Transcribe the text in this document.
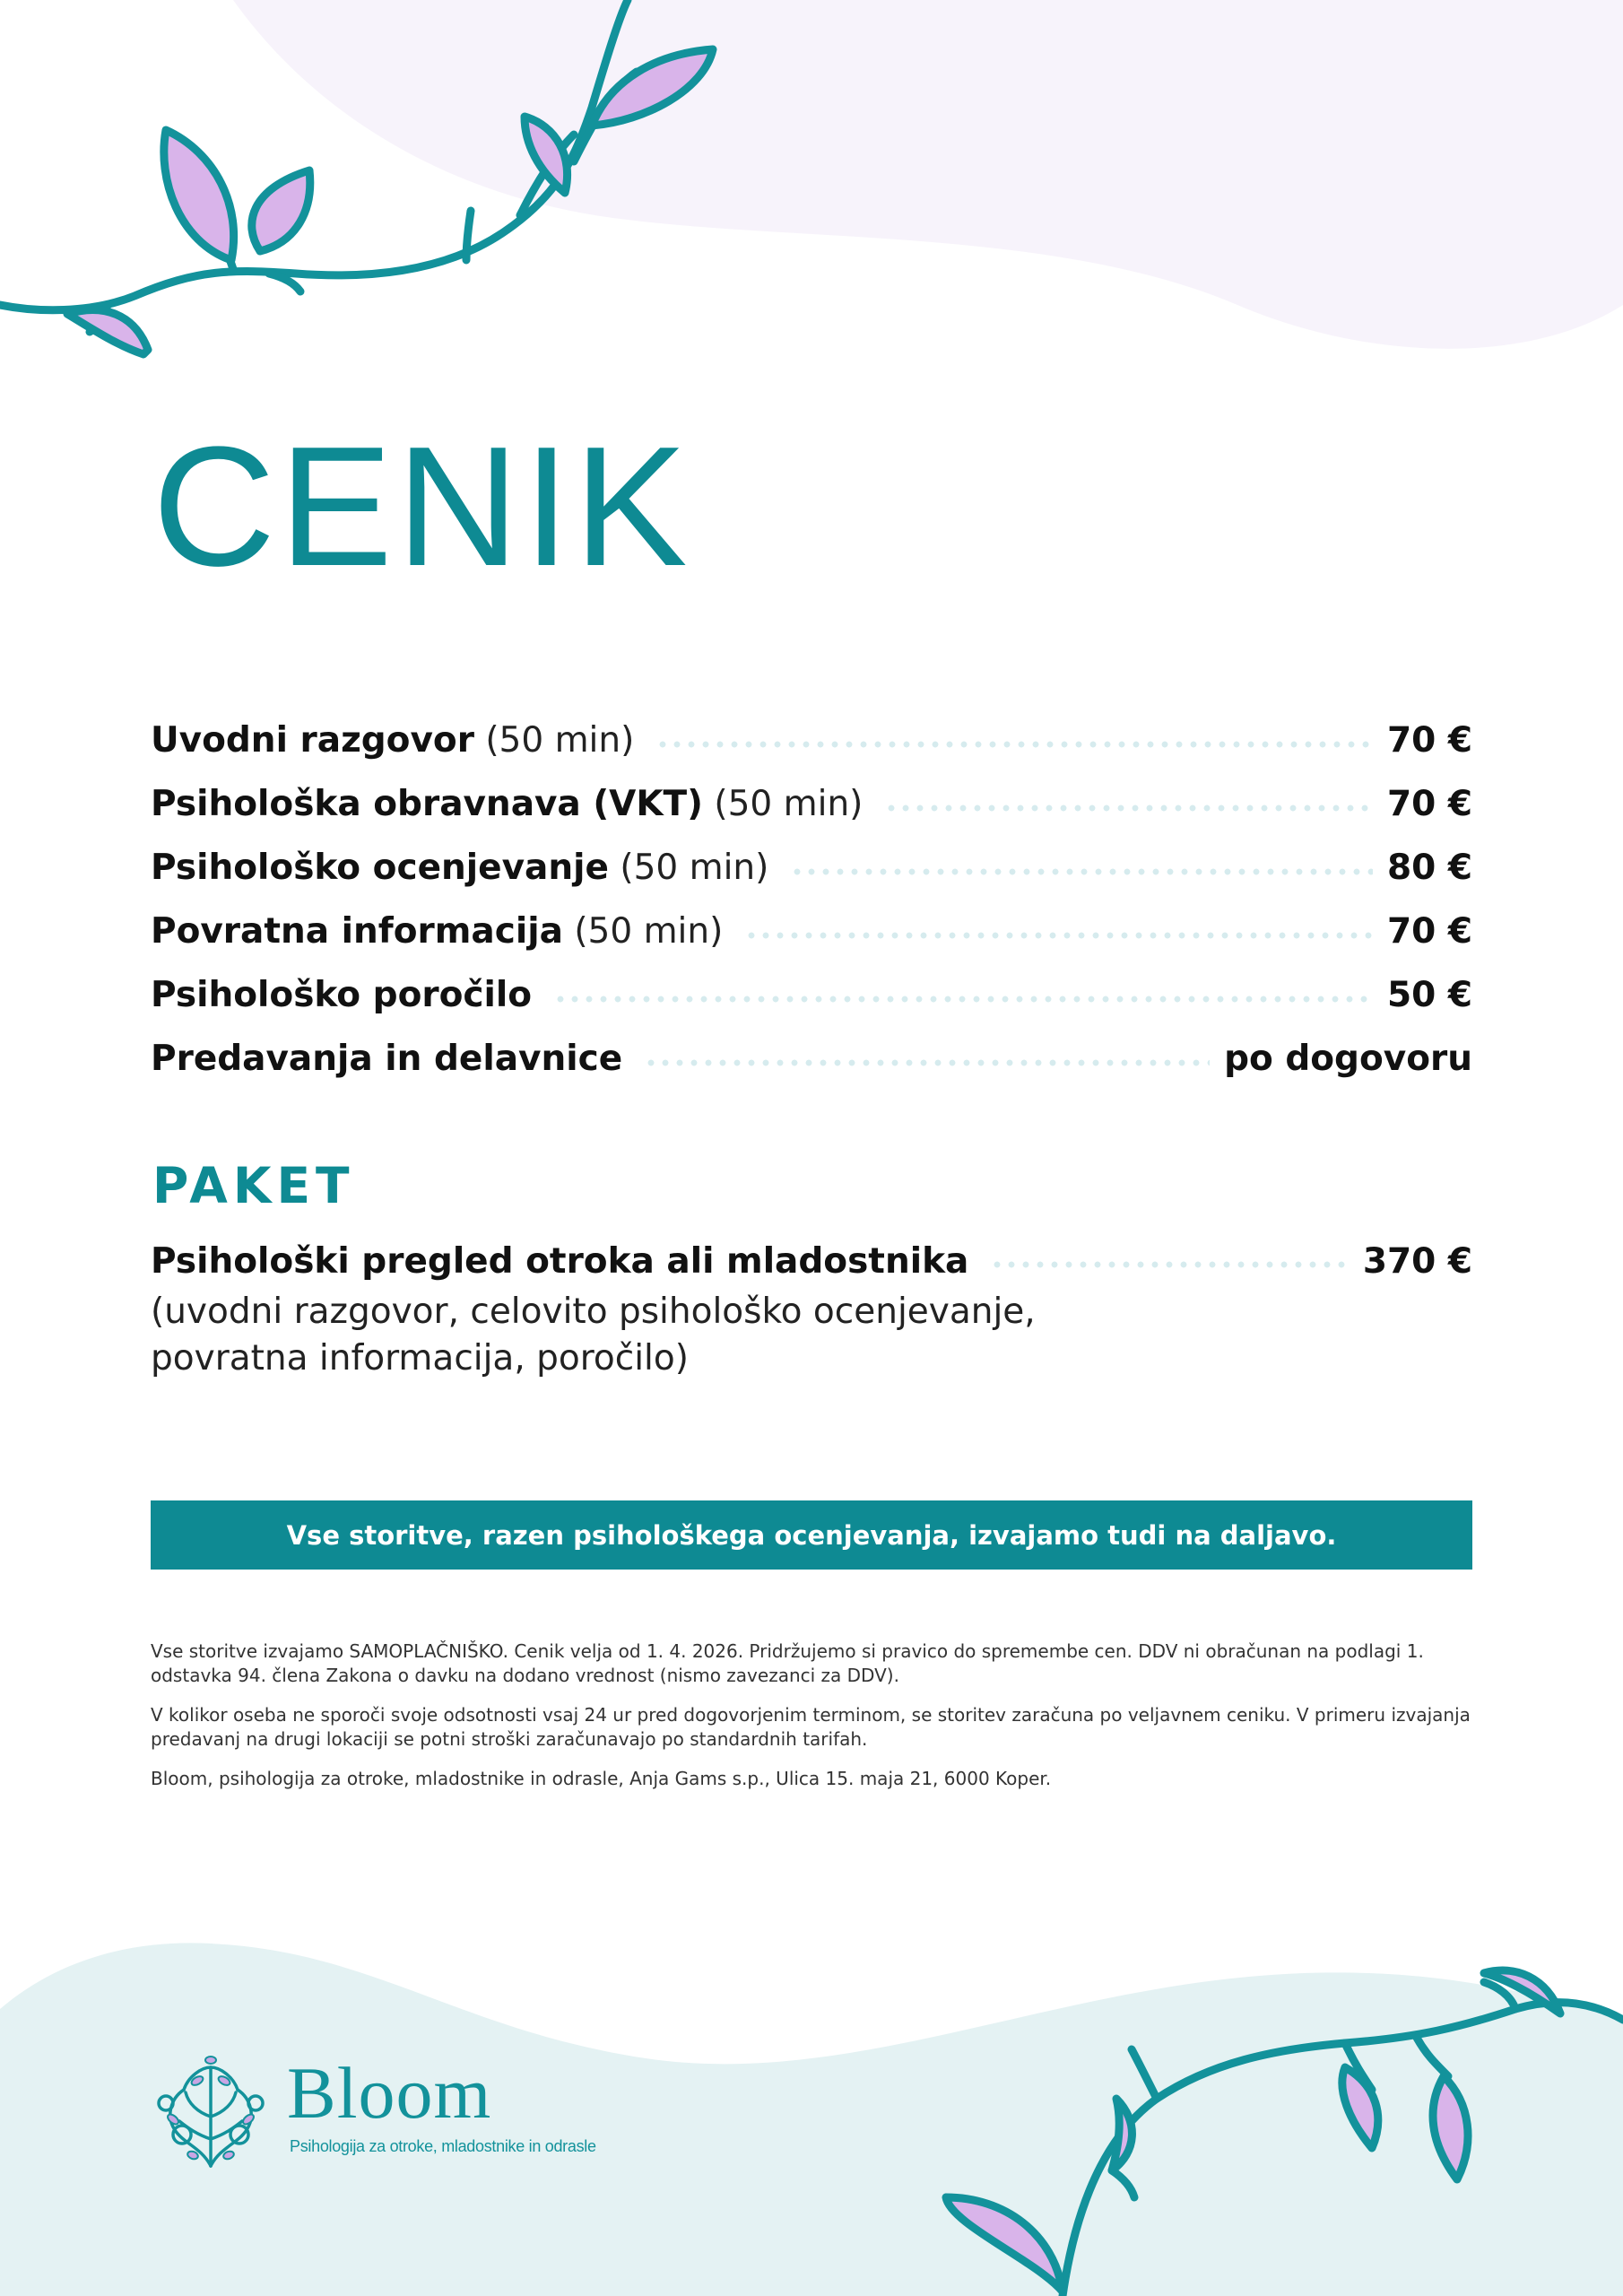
CENIK
Uvodni razgovor (50 min)	70 €
Psihološka obravnava (VKT) (50 min)	70 €
Psihološko ocenjevanje (50 min)	80 €
Povratna informacija (50 min)	70 €
Psihološko poročilo	50 €
Predavanja in delavnice	po dogovoru
PAKET
Psihološki pregled otroka ali mladostnika	370 €
(uvodni razgovor, celovito psihološko ocenjevanje,
povratna informacija, poročilo)
Vse storitve, razen psihološkega ocenjevanja, izvajamo tudi na daljavo.

Vse storitve izvajamo SAMOPLAČNIŠKO. Cenik velja od 1. 4. 2026. Pridržujemo si pravico do spremembe cen. DDV ni obračunan na podlagi 1. odstavka 94. člena Zakona o davku na dodano vrednost (nismo zavezanci za DDV).

V kolikor oseba ne sporoči svoje odsotnosti vsaj 24 ur pred dogovorjenim terminom, se storitev zaračuna po veljavnem ceniku. V primeru izvajanja predavanj na drugi lokaciji se potni stroški zaračunavajo po standardnih tarifah.

Bloom, psihologija za otroke, mladostnike in odrasle, Anja Gams s.p., Ulica 15. maja 21, 6000 Koper.

Bloom
Psihologija za otroke, mladostnike in odrasle
